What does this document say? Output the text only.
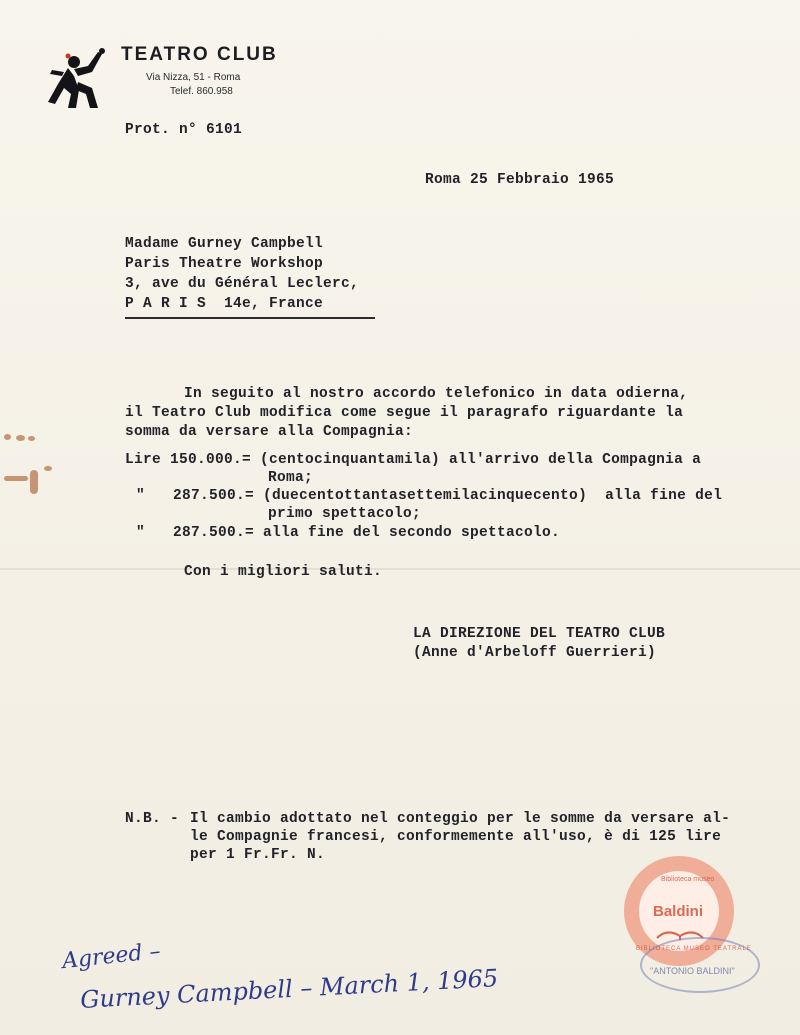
TEATRO CLUB
Via Nizza, 51 - Roma
Telef. 860.958
Prot. n° 6101
Roma 25 Febbraio 1965
Madame Gurney Campbell
Paris Theatre Workshop
3, ave du Général Leclerc,
P A R I S  14e, France
In seguito al nostro accordo telefonico in data odierna,
il Teatro Club modifica come segue il paragrafo riguardante la
somma da versare alla Compagnia:
Lire 150.000.= (centocinquantamila) all'arrivo della Compagnia a
Roma;
" 287.500.= (duecentottantasettemilacinquecento)  alla fine del
primo spettacolo;
" 287.500.= alla fine del secondo spettacolo.
Con i migliori saluti.
LA DIREZIONE DEL TEATRO CLUB
(Anne d'Arbeloff Guerrieri)
N.B. - Il cambio adottato nel conteggio per le somme da versare al-
le Compagnie francesi, conformemente all'uso, è di 125 lire
per 1 Fr.Fr. N.
Biblioteca museo
Baldini
BIBLIOTECA MUSEO TEATRALE
"ANTONIO BALDINI"
Agreed –
Gurney Campbell – March 1, 1965
